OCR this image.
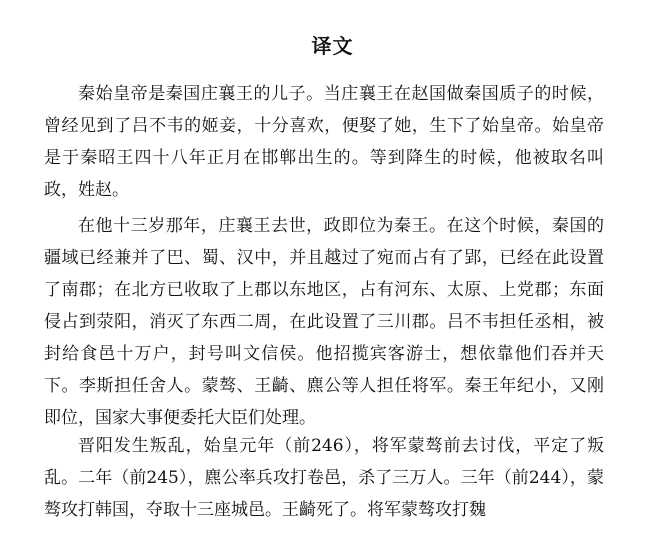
译文

秦始皇帝是秦国庄襄王的儿子。当庄襄王在赵国做秦国质子的时候，曾经见到了吕不韦的姬妾，十分喜欢，便娶了她，生下了始皇帝。始皇帝是于秦昭王四十八年正月在邯郸出生的。等到降生的时候，他被取名叫政，姓赵。

在他十三岁那年，庄襄王去世，政即位为秦王。在这个时候，秦国的疆域已经兼并了巴、蜀、汉中，并且越过了宛而占有了郢，已经在此设置了南郡；在北方已收取了上郡以东地区，占有河东、太原、上党郡；东面侵占到荥阳，消灭了东西二周，在此设置了三川郡。吕不韦担任丞相，被封给食邑十万户，封号叫文信侯。他招揽宾客游士，想依靠他们吞并天下。李斯担任舍人。蒙骜、王齮、麃公等人担任将军。秦王年纪小，又刚即位，国家大事便委托大臣们处理。

晋阳发生叛乱，始皇元年（前246），将军蒙骜前去讨伐，平定了叛乱。二年（前245），麃公率兵攻打卷邑，杀了三万人。三年（前244），蒙骜攻打韩国，夺取十三座城邑。王齮死了。将军蒙骜攻打魏
